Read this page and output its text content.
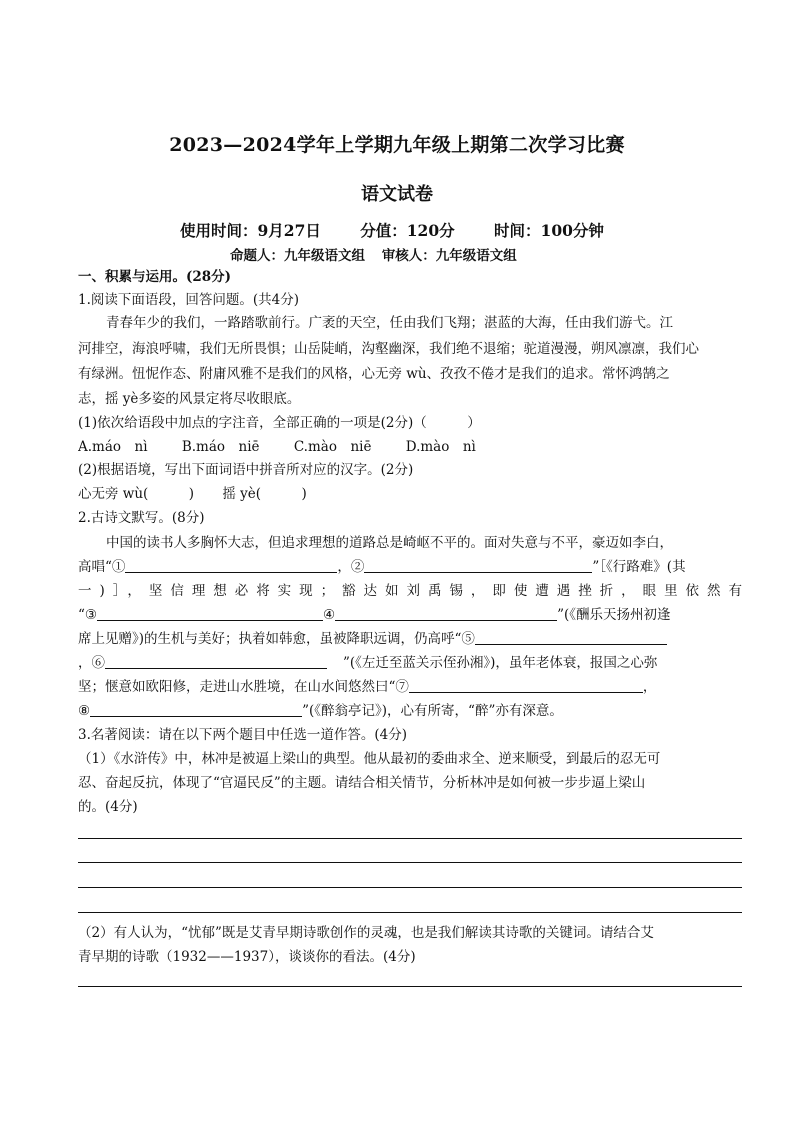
2023—2024学年上学期九年级上期第二次学习比赛
语文试卷
使用时间：9月27日	分值：120分	时间：100分钟
命题人：九年级语文组 审核人：九年级语文组
一、积累与运用。(28分)
1.阅读下面语段，回答问题。(共4分)
青春年少的我们，一路踏歌前行。广袤的天空，任由我们飞翔；湛蓝的大海，任由我们游弋。江
河排空，海浪呼啸，我们无所畏惧；山岳陡峭，沟壑幽深，我们绝不退缩；驼道漫漫，朔风凛凛，我们心
有绿洲。忸怩作态、附庸风雅不是我们的风格，心无旁 wù、孜孜不倦才是我们的追求。常怀鸿鹄之
志，摇 yè多姿的风景定将尽收眼底。
(1)依次给语段中加点的字注音，全部正确的一项是(2分)（　　　）
A.máo　nì	B.máo　niē	C.mào　niē	D.mào　nì
(2)根据语境，写出下面词语中拼音所对应的汉字。(2分)
心无旁 wù(　　　) 摇 yè(　　　)
2.古诗文默写。(8分)
中国的读书人多胸怀大志，但追求理想的道路总是崎岖不平的。面对失意与不平，豪迈如李白，
高唱“①	，②	”［《行路难》(其
一)］，坚信理想必将实现；豁达如刘禹锡，即使遭遇挫折，眼里依然有
“③	④	”(《酬乐天扬州初逢
席上见赠》)的生机与美好；执着如韩愈，虽被降职远调，仍高呼“⑤
，⑥	”(《左迁至蓝关示侄孙湘》)，虽年老体衰，报国之心弥
坚；惬意如欧阳修，走进山水胜境，在山水间悠然曰“⑦	，
⑧	”(《醉翁亭记》)，心有所寄，“醉”亦有深意。
3.名著阅读：请在以下两个题目中任选一道作答。(4分)
（1）《水浒传》中，林冲是被逼上梁山的典型。他从最初的委曲求全、逆来顺受，到最后的忍无可
忍、奋起反抗，体现了“官逼民反”的主题。请结合相关情节，分析林冲是如何被一步步逼上梁山
的。(4分)
（2）有人认为，“忧郁”既是艾青早期诗歌创作的灵魂，也是我们解读其诗歌的关键词。请结合艾
青早期的诗歌（1932——1937），谈谈你的看法。(4分)
